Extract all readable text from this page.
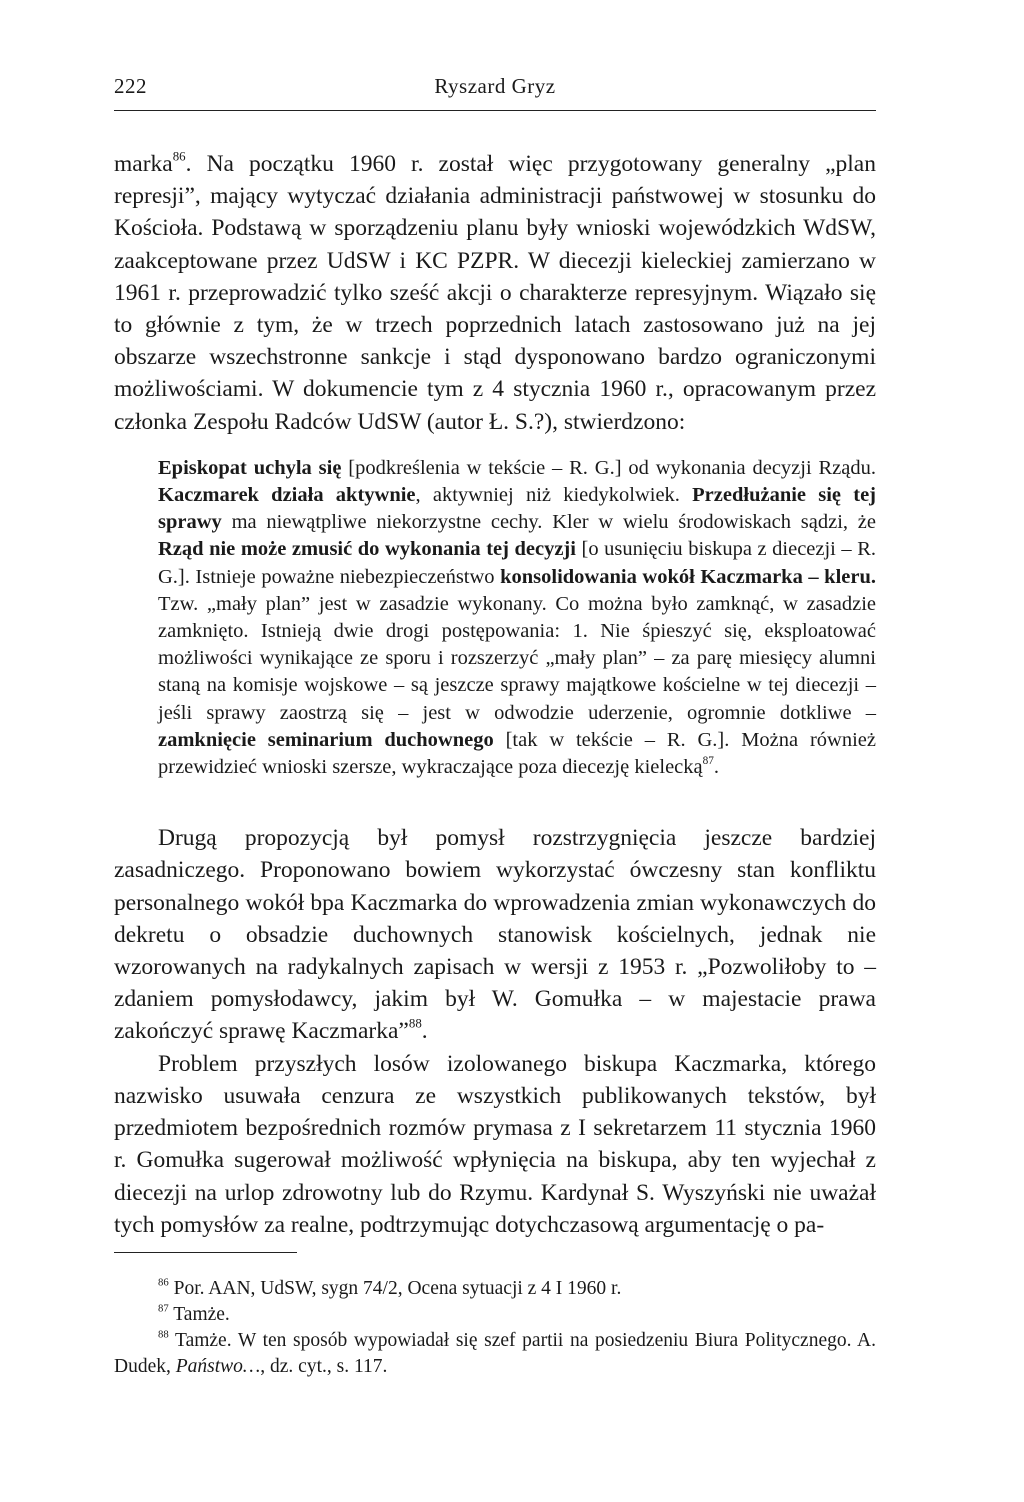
222	Ryszard Gryz

marka$^{86}$. Na początku 1960 r. został więc przygotowany generalny „plan represji”, mający wytyczać działania administracji państwowej w stosunku do Kościoła. Podstawą w sporządzeniu planu były wnioski wojewódzkich WdSW, zaakceptowane przez UdSW i KC PZPR. W diecezji kieleckiej zamierzano w 1961 r. przeprowadzić tylko sześć akcji o charakterze represyjnym. Wiązało się to głównie z tym, że w trzech poprzednich latach zastosowano już na jej obszarze wszechstronne sankcje i stąd dysponowano bardzo ograniczonymi możliwościami. W dokumencie tym z 4 stycznia 1960 r., opracowanym przez członka Zespołu Radców UdSW (autor Ł. S.?), stwierdzono:

Episkopat uchyla się [podkreślenia w tekście – R. G.] od wykonania decyzji Rządu. Kaczmarek działa aktywnie, aktywniej niż kiedykolwiek. Przedłużanie się tej sprawy ma niewątpliwe niekorzystne cechy. Kler w wielu środowiskach sądzi, że Rząd nie może zmusić do wykonania tej decyzji [o usunięciu biskupa z diecezji – R. G.]. Istnieje poważne niebezpieczeństwo konsolidowania wokół Kaczmarka – kleru. Tzw. „mały plan” jest w zasadzie wykonany. Co można było zamknąć, w zasadzie zamknięto. Istnieją dwie drogi postępowania: 1. Nie śpieszyć się, eksploatować możliwości wynikające ze sporu i rozszerzyć „mały plan” – za parę miesięcy alumni staną na komisje wojskowe – są jeszcze sprawy majątkowe kościelne w tej diecezji – jeśli sprawy zaostrzą się – jest w odwodzie uderzenie, ogromnie dotkliwe – zamknięcie seminarium duchownego [tak w tekście – R. G.]. Można również przewidzieć wnioski szersze, wykraczające poza diecezję kielecką$^{87}$.

Drugą propozycją był pomysł rozstrzygnięcia jeszcze bardziej zasadniczego. Proponowano bowiem wykorzystać ówczesny stan konfliktu personalnego wokół bpa Kaczmarka do wprowadzenia zmian wykonawczych do dekretu o obsadzie duchownych stanowisk kościelnych, jednak nie wzorowanych na radykalnych zapisach w wersji z 1953 r. „Pozwoliłoby to – zdaniem pomysłodawcy, jakim był W. Gomułka – w majestacie prawa zakończyć sprawę Kaczmarka”$^{88}$.

Problem przyszłych losów izolowanego biskupa Kaczmarka, którego nazwisko usuwała cenzura ze wszystkich publikowanych tekstów, był przedmiotem bezpośrednich rozmów prymasa z I sekretarzem 11 stycznia 1960 r. Gomułka sugerował możliwość wpłynięcia na biskupa, aby ten wyjechał z diecezji na urlop zdrowotny lub do Rzymu. Kardynał S. Wyszyński nie uważał tych pomysłów za realne, podtrzymując dotychczasową argumentację o pa-

$^{86}$ Por. AAN, UdSW, sygn 74/2, Ocena sytuacji z 4 I 1960 r.

$^{87}$ Tamże.

$^{88}$ Tamże. W ten sposób wypowiadał się szef partii na posiedzeniu Biura Politycznego. A. Dudek, Państwo…, dz. cyt., s. 117.
